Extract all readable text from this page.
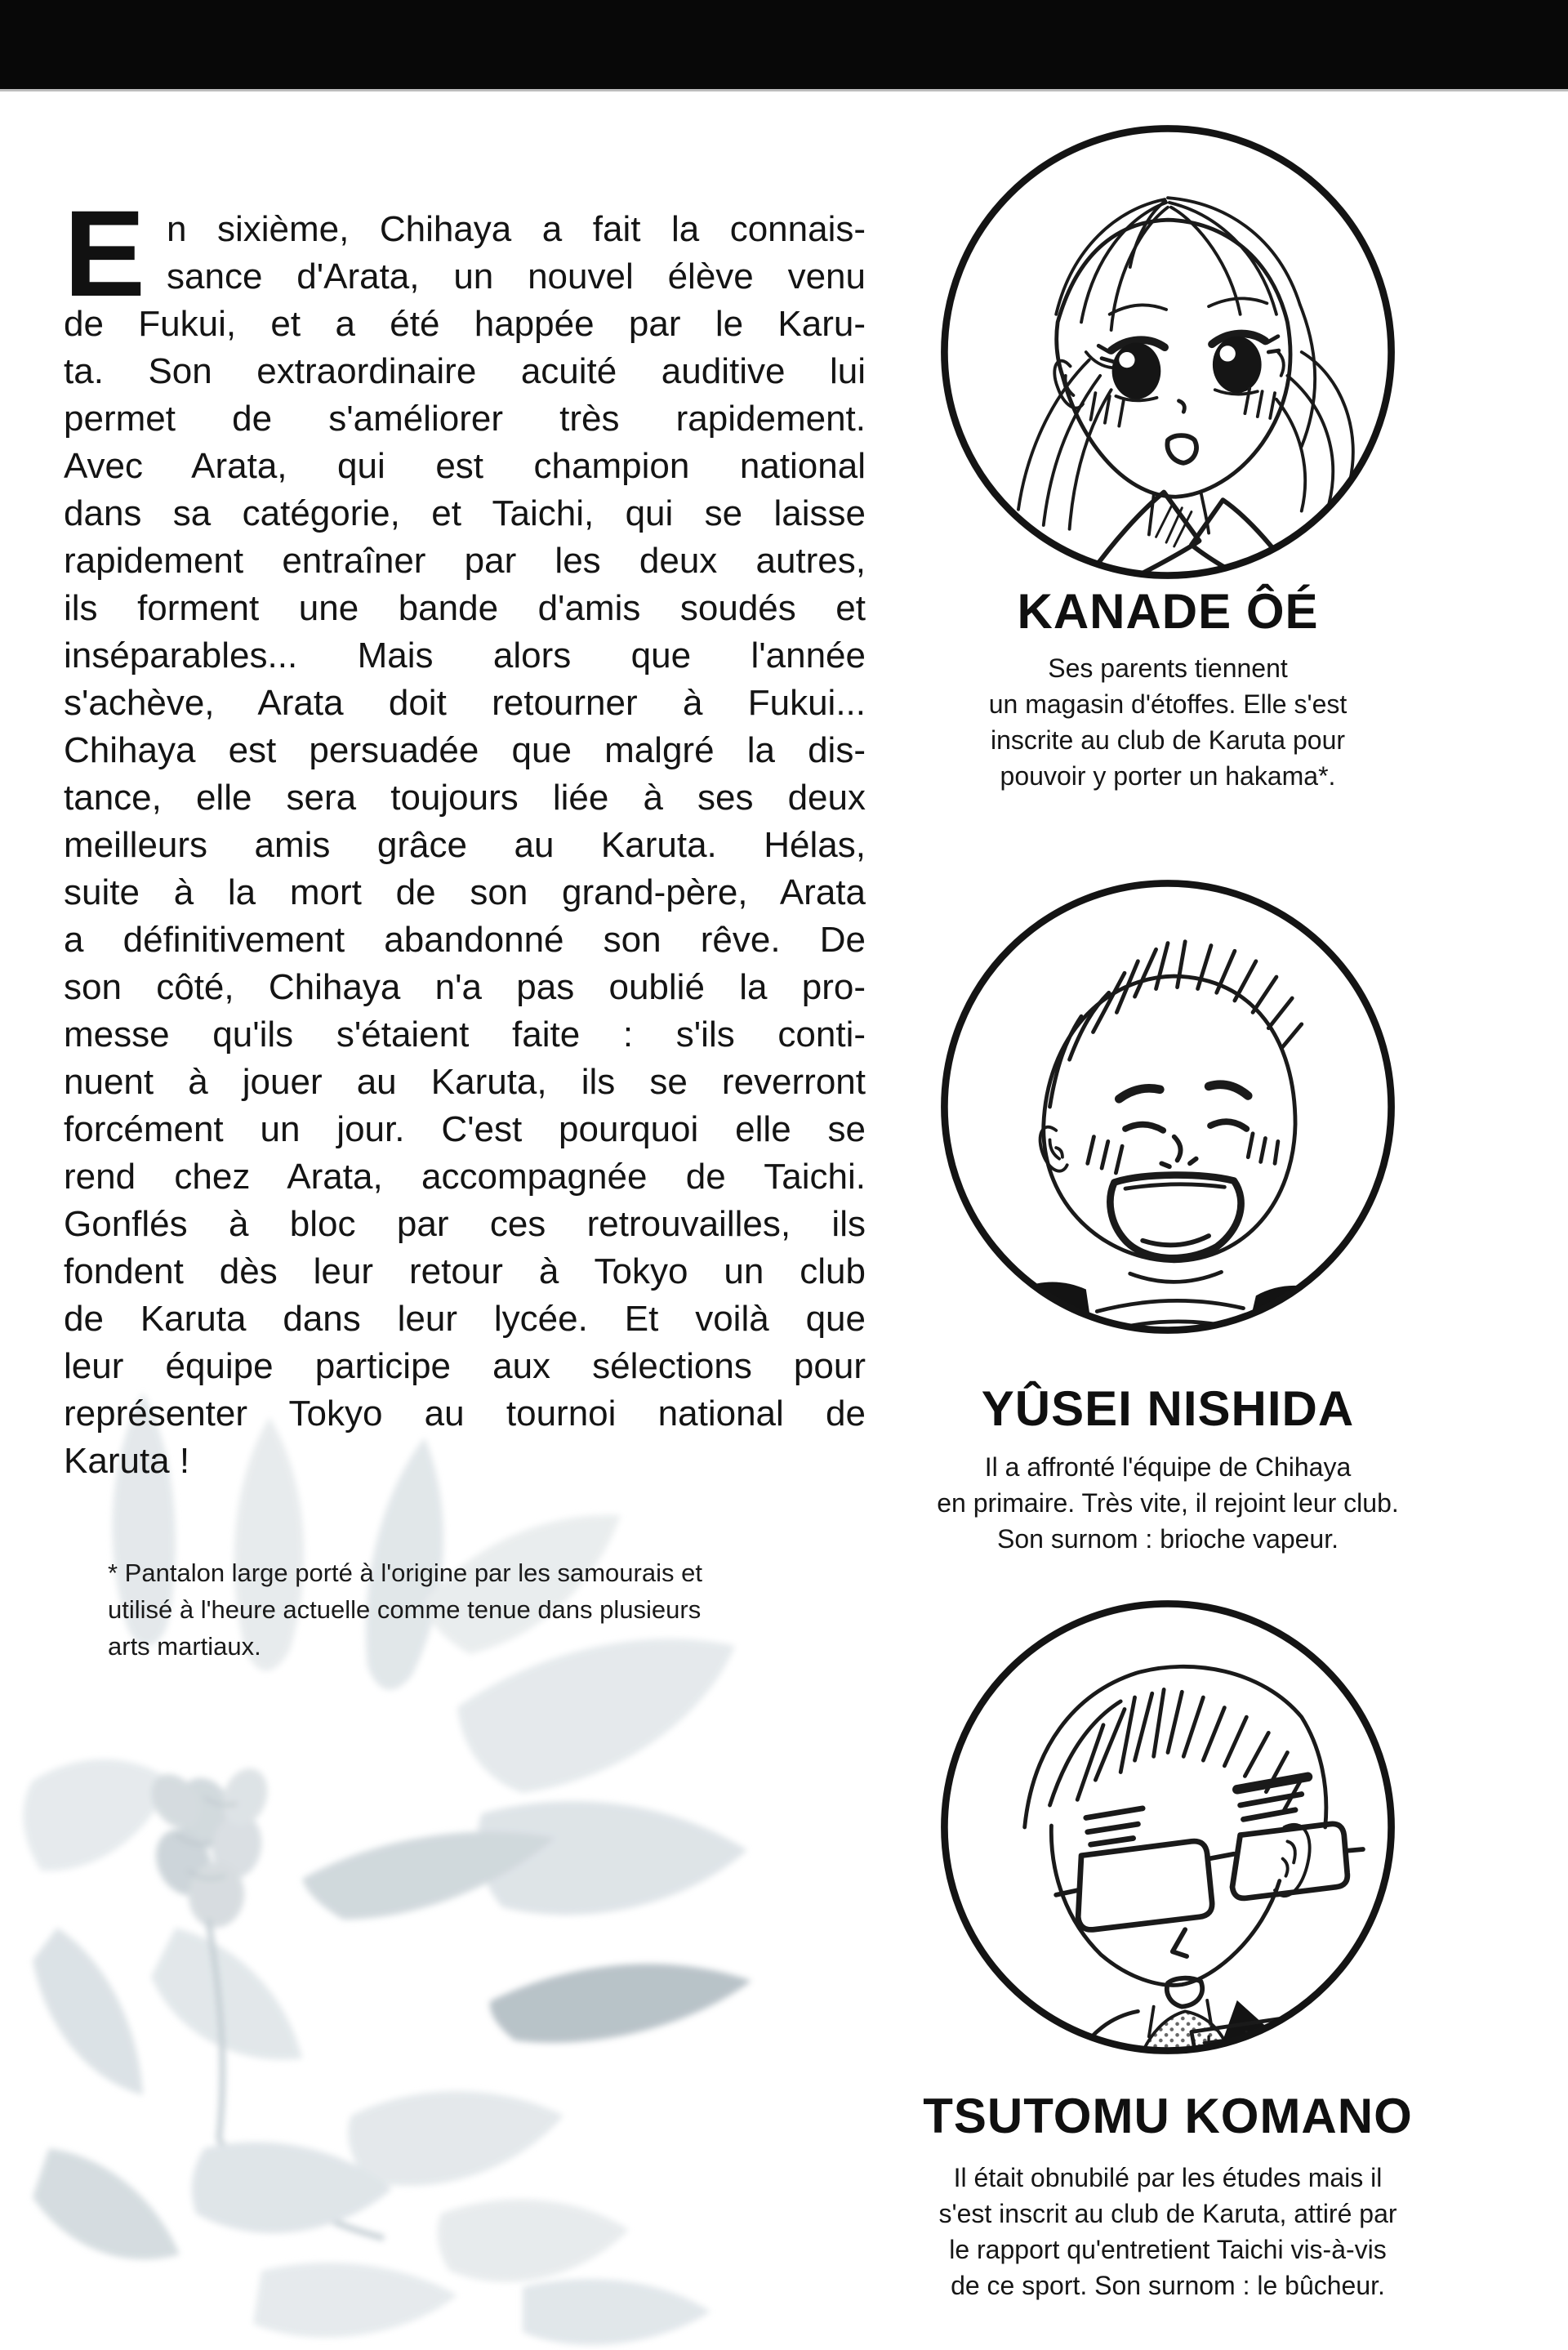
E n sixième, Chihaya a fait la connais-
sance d'Arata, un nouvel élève venu
de Fukui, et a été happée par le Karu-
ta. Son extraordinaire acuité auditive lui
permet de s'améliorer très rapidement.
Avec Arata, qui est champion national
dans sa catégorie, et Taichi, qui se laisse
rapidement entraîner par les deux autres,
ils forment une bande d'amis soudés et
inséparables... Mais alors que l'année
s'achève, Arata doit retourner à Fukui...
Chihaya est persuadée que malgré la dis-
tance, elle sera toujours liée à ses deux
meilleurs amis grâce au Karuta. Hélas,
suite à la mort de son grand-père, Arata
a définitivement abandonné son rêve. De
son côté, Chihaya n'a pas oublié la pro-
messe qu'ils s'étaient faite : s'ils conti-
nuent à jouer au Karuta, ils se reverront
forcément un jour. C'est pourquoi elle se
rend chez Arata, accompagnée de Taichi.
Gonflés à bloc par ces retrouvailles, ils
fondent dès leur retour à Tokyo un club
de Karuta dans leur lycée. Et voilà que
leur équipe participe aux sélections pour
représenter Tokyo au tournoi national de
Karuta !
* Pantalon large porté à l'origine par les samourais et
utilisé à l'heure actuelle comme tenue dans plusieurs
arts martiaux.
KANADE ÔÉ
Ses parents tiennent
un magasin d'étoffes. Elle s'est
inscrite au club de Karuta pour
pouvoir y porter un hakama*.
YÛSEI NISHIDA
Il a affronté l'équipe de Chihaya
en primaire. Très vite, il rejoint leur club.
Son surnom : brioche vapeur.
TSUTOMU KOMANO
Il était obnubilé par les études mais il
s'est inscrit au club de Karuta, attiré par
le rapport qu'entretient Taichi vis-à-vis
de ce sport. Son surnom : le bûcheur.
